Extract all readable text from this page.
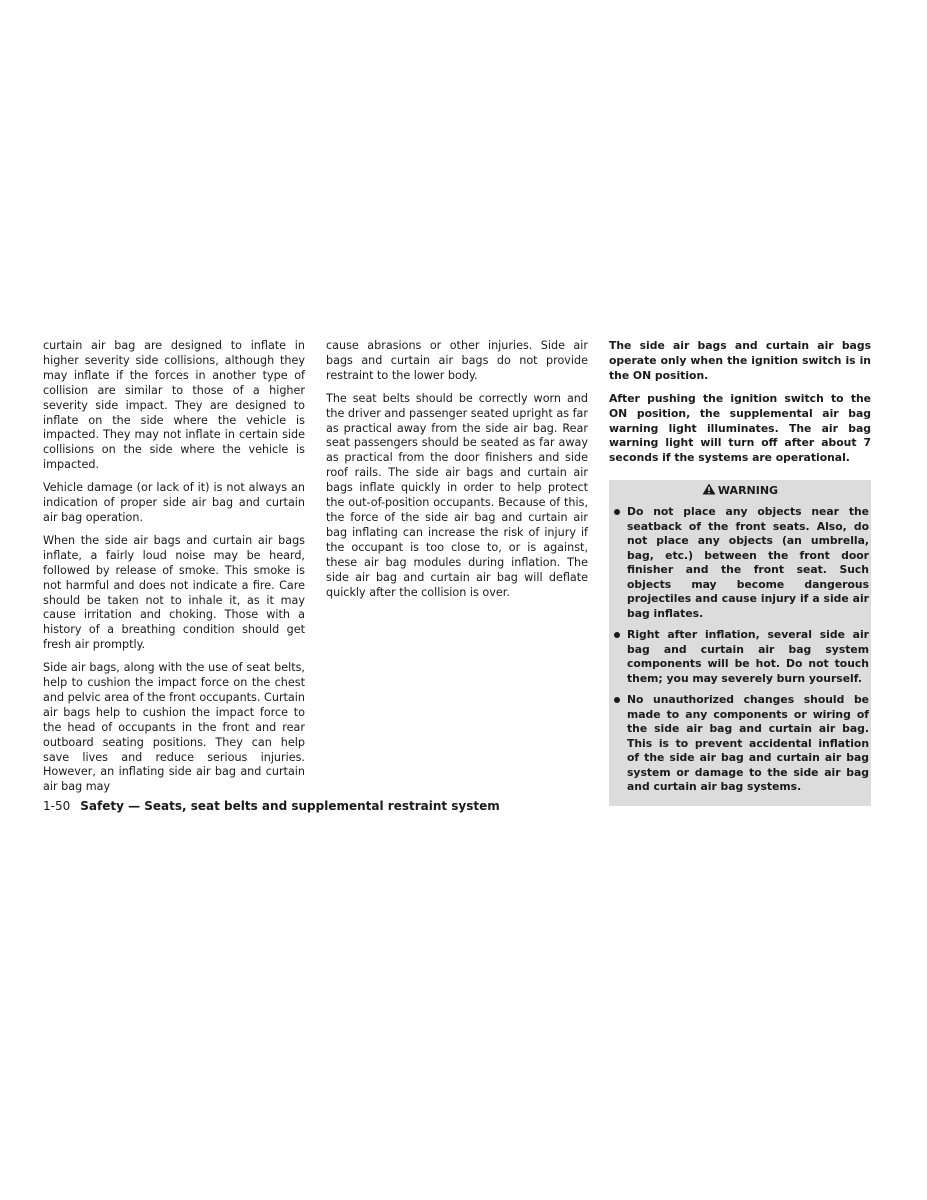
curtain air bag are designed to inflate in higher severity side collisions, although they may inflate if the forces in another type of collision are similar to those of a higher severity side impact. They are designed to inflate on the side where the vehicle is impacted. They may not inflate in certain side collisions on the side where the vehicle is impacted.

Vehicle damage (or lack of it) is not always an indication of proper side air bag and curtain air bag operation.

When the side air bags and curtain air bags inflate, a fairly loud noise may be heard, followed by release of smoke. This smoke is not harmful and does not indicate a fire. Care should be taken not to inhale it, as it may cause irritation and choking. Those with a history of a breathing condition should get fresh air promptly.

Side air bags, along with the use of seat belts, help to cushion the impact force on the chest and pelvic area of the front occupants. Curtain air bags help to cushion the impact force to the head of occupants in the front and rear outboard seating positions. They can help save lives and reduce serious injuries. However, an inflating side air bag and curtain air bag may

cause abrasions or other injuries. Side air bags and curtain air bags do not provide restraint to the lower body.

The seat belts should be correctly worn and the driver and passenger seated upright as far as practical away from the side air bag. Rear seat passengers should be seated as far away as practical from the door finishers and side roof rails. The side air bags and curtain air bags inflate quickly in order to help protect the out-of-position occupants. Because of this, the force of the side air bag and curtain air bag inflating can increase the risk of injury if the occupant is too close to, or is against, these air bag modules during inflation. The side air bag and curtain air bag will deflate quickly after the collision is over.

The side air bags and curtain air bags operate only when the ignition switch is in the ON position.

After pushing the ignition switch to the ON position, the supplemental air bag warning light illuminates. The air bag warning light will turn off after about 7 seconds if the systems are operational.

WARNING
Do not place any objects near the seatback of the front seats. Also, do not place any objects (an umbrella, bag, etc.) between the front door finisher and the front seat. Such objects may become dangerous projectiles and cause injury if a side air bag inflates.
Right after inflation, several side air bag and curtain air bag system components will be hot. Do not touch them; you may severely burn yourself.
No unauthorized changes should be made to any components or wiring of the side air bag and curtain air bag. This is to prevent accidental inflation of the side air bag and curtain air bag system or damage to the side air bag and curtain air bag systems.
1-50 Safety — Seats, seat belts and supplemental restraint system
